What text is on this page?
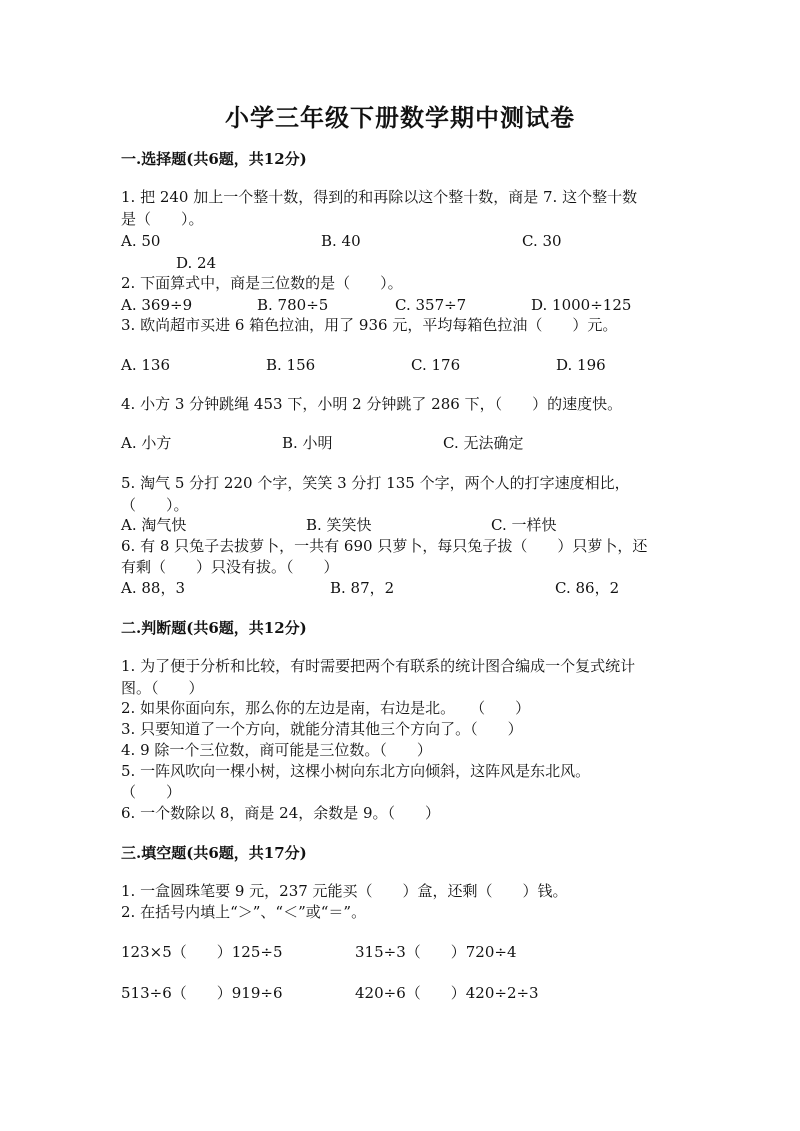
小学三年级下册数学期中测试卷
一.选择题(共6题，共12分)
1. 把 240 加上一个整十数，得到的和再除以这个整十数，商是 7. 这个整十数
是（　　）。
A. 50	B. 40	C. 30
D. 24
2. 下面算式中，商是三位数的是（　　）。
A. 369÷9	B. 780÷5	C. 357÷7	D. 1000÷125
3. 欧尚超市买进 6 箱色拉油，用了 936 元，平均每箱色拉油（　　）元。
A. 136	B. 156	C. 176	D. 196
4. 小方 3 分钟跳绳 453 下，小明 2 分钟跳了 286 下，（　　）的速度快。
A. 小方	B. 小明	C. 无法确定
5. 淘气 5 分打 220 个字，笑笑 3 分打 135 个字，两个人的打字速度相比，
（　　）。
A. 淘气快	B. 笑笑快	C. 一样快
6. 有 8 只兔子去拔萝卜，一共有 690 只萝卜，每只兔子拔（　　）只萝卜，还
有剩（　　）只没有拔。（　　）
A. 88，3	B. 87，2	C. 86，2
二.判断题(共6题，共12分)
1. 为了便于分析和比较，有时需要把两个有联系的统计图合编成一个复式统计
图。（　　）
2. 如果你面向东，那么你的左边是南，右边是北。　　（　　）
3. 只要知道了一个方向，就能分清其他三个方向了。（　　）
4. 9 除一个三位数，商可能是三位数。（　　）
5. 一阵风吹向一棵小树，这棵小树向东北方向倾斜，这阵风是东北风。
（　　）
6. 一个数除以 8，商是 24，余数是 9。（　　）
三.填空题(共6题，共17分)
1. 一盒圆珠笔要 9 元，237 元能买（　　）盒，还剩（　　）钱。
2. 在括号内填上“＞”、“＜”或“＝”。
123×5（　　）125÷5	315÷3（　　）720÷4
513÷6（　　）919÷6	420÷6（　　）420÷2÷3
